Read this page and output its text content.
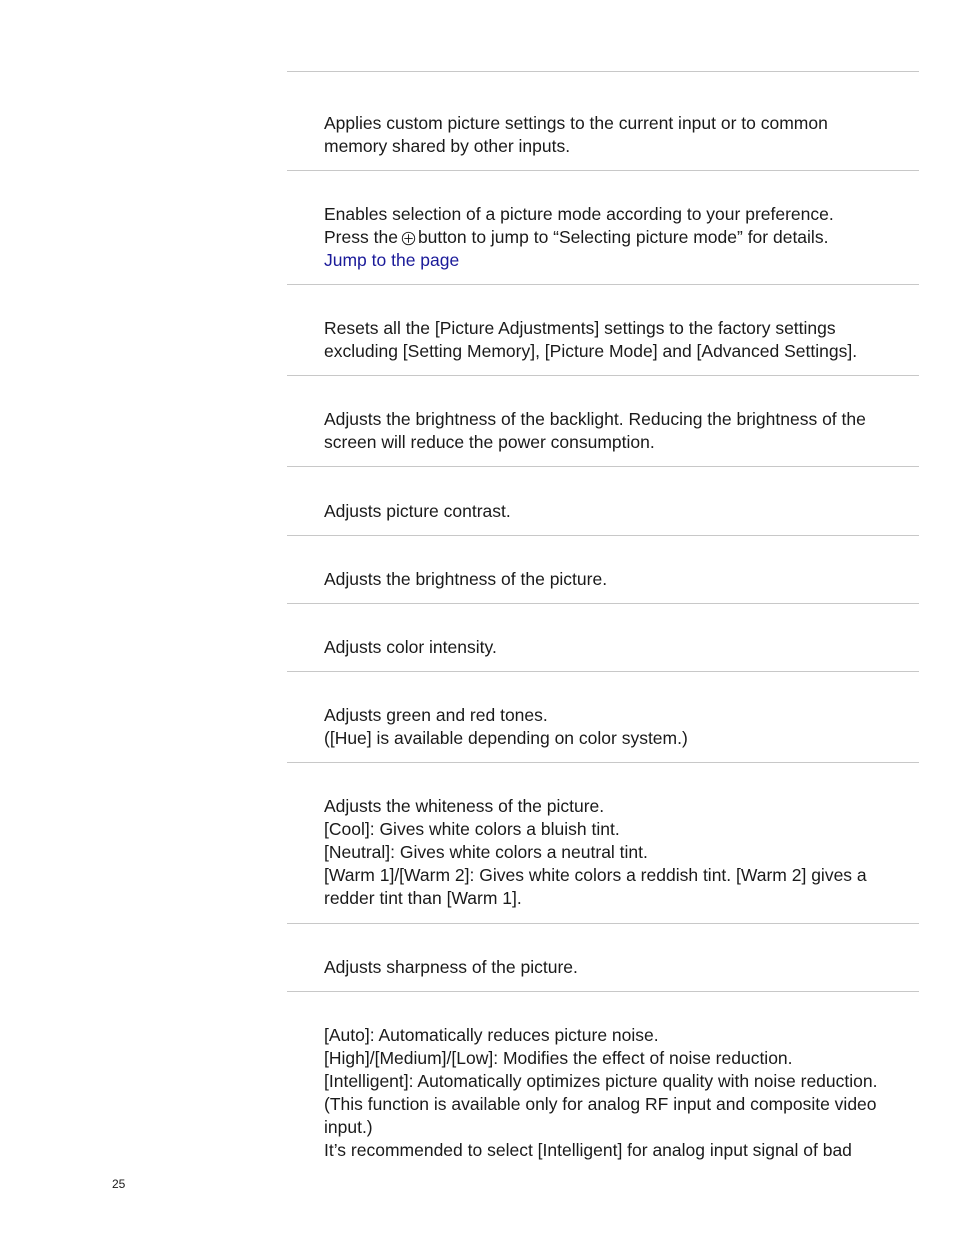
Applies custom picture settings to the current input or to common
memory shared by other inputs.
Enables selection of a picture mode according to your preference.
Press the button to jump to “Selecting picture mode” for details.
Jump to the page
Resets all the [Picture Adjustments] settings to the factory settings
excluding [Setting Memory], [Picture Mode] and [Advanced Settings].
Adjusts the brightness of the backlight. Reducing the brightness of the
screen will reduce the power consumption.
Adjusts picture contrast.
Adjusts the brightness of the picture.
Adjusts color intensity.
Adjusts green and red tones.
([Hue] is available depending on color system.)
Adjusts the whiteness of the picture.
[Cool]: Gives white colors a bluish tint.
[Neutral]: Gives white colors a neutral tint.
[Warm 1]/[Warm 2]: Gives white colors a reddish tint. [Warm 2] gives a
redder tint than [Warm 1].
Adjusts sharpness of the picture.
[Auto]: Automatically reduces picture noise.
[High]/[Medium]/[Low]: Modifies the effect of noise reduction.
[Intelligent]: Automatically optimizes picture quality with noise reduction.
(This function is available only for analog RF input and composite video
input.)
It’s recommended to select [Intelligent] for analog input signal of bad
25
